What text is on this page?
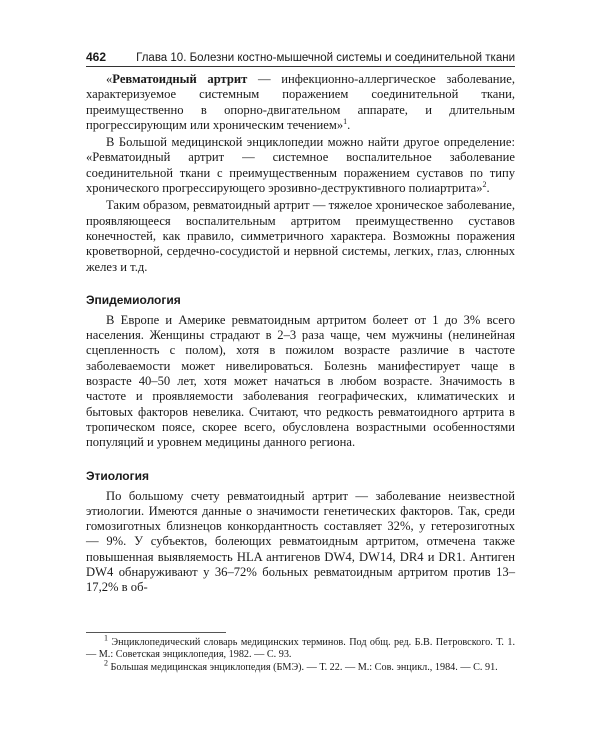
462	Глава 10. Болезни костно-мышечной системы и соединительной ткани

«Ревматоидный артрит — инфекционно-аллергическое заболевание, характеризуемое системным поражением соединительной ткани, преимущественно в опорно-двигательном аппарате, и длительным прогрессирующим или хроническим течением»$^1$.

В Большой медицинской энциклопедии можно найти другое определение: «Ревматоидный артрит — системное воспалительное заболевание соединительной ткани с преимущественным поражением суставов по типу хронического прогрессирующего эрозивно-деструктивного полиартрита»$^2$.

Таким образом, ревматоидный артрит — тяжелое хроническое заболевание, проявляющееся воспалительным артритом преимущественно суставов конечностей, как правило, симметричного характера. Возможны поражения кроветворной, сердечно-сосудистой и нервной системы, легких, глаз, слюнных желез и т.д.

Эпидемиология

В Европе и Америке ревматоидным артритом болеет от 1 до 3% всего населения. Женщины страдают в 2–3 раза чаще, чем мужчины (нелинейная сцепленность с полом), хотя в пожилом возрасте различие в частоте заболеваемости может нивелироваться. Болезнь манифестирует чаще в возрасте 40–50 лет, хотя может начаться в любом возрасте. Значимость в частоте и проявляемости заболевания географических, климатических и бытовых факторов невелика. Считают, что редкость ревматоидного артрита в тропическом поясе, скорее всего, обусловлена возрастными особенностями популяций и уровнем медицины данного региона.

Этиология

По большому счету ревматоидный артрит — заболевание неизвестной этиологии. Имеются данные о значимости генетических факторов. Так, среди гомозиготных близнецов конкордантность составляет 32%, у гетерозиготных — 9%. У субъектов, болеющих ревматоидным артритом, отмечена также повышенная выявляемость HLA антигенов DW4, DW14, DR4 и DR1. Антиген DW4 обнаруживают у 36–72% больных ревматоидным артритом против 13–17,2% в об-

$^1$ Энциклопедический словарь медицинских терминов. Под общ. ред. Б.В. Петровского. Т. 1. — М.: Советская энциклопедия, 1982. — С. 93.

$^2$ Большая медицинская энциклопедия (БМЭ). — Т. 22. — М.: Сов. энцикл., 1984. — С. 91.
